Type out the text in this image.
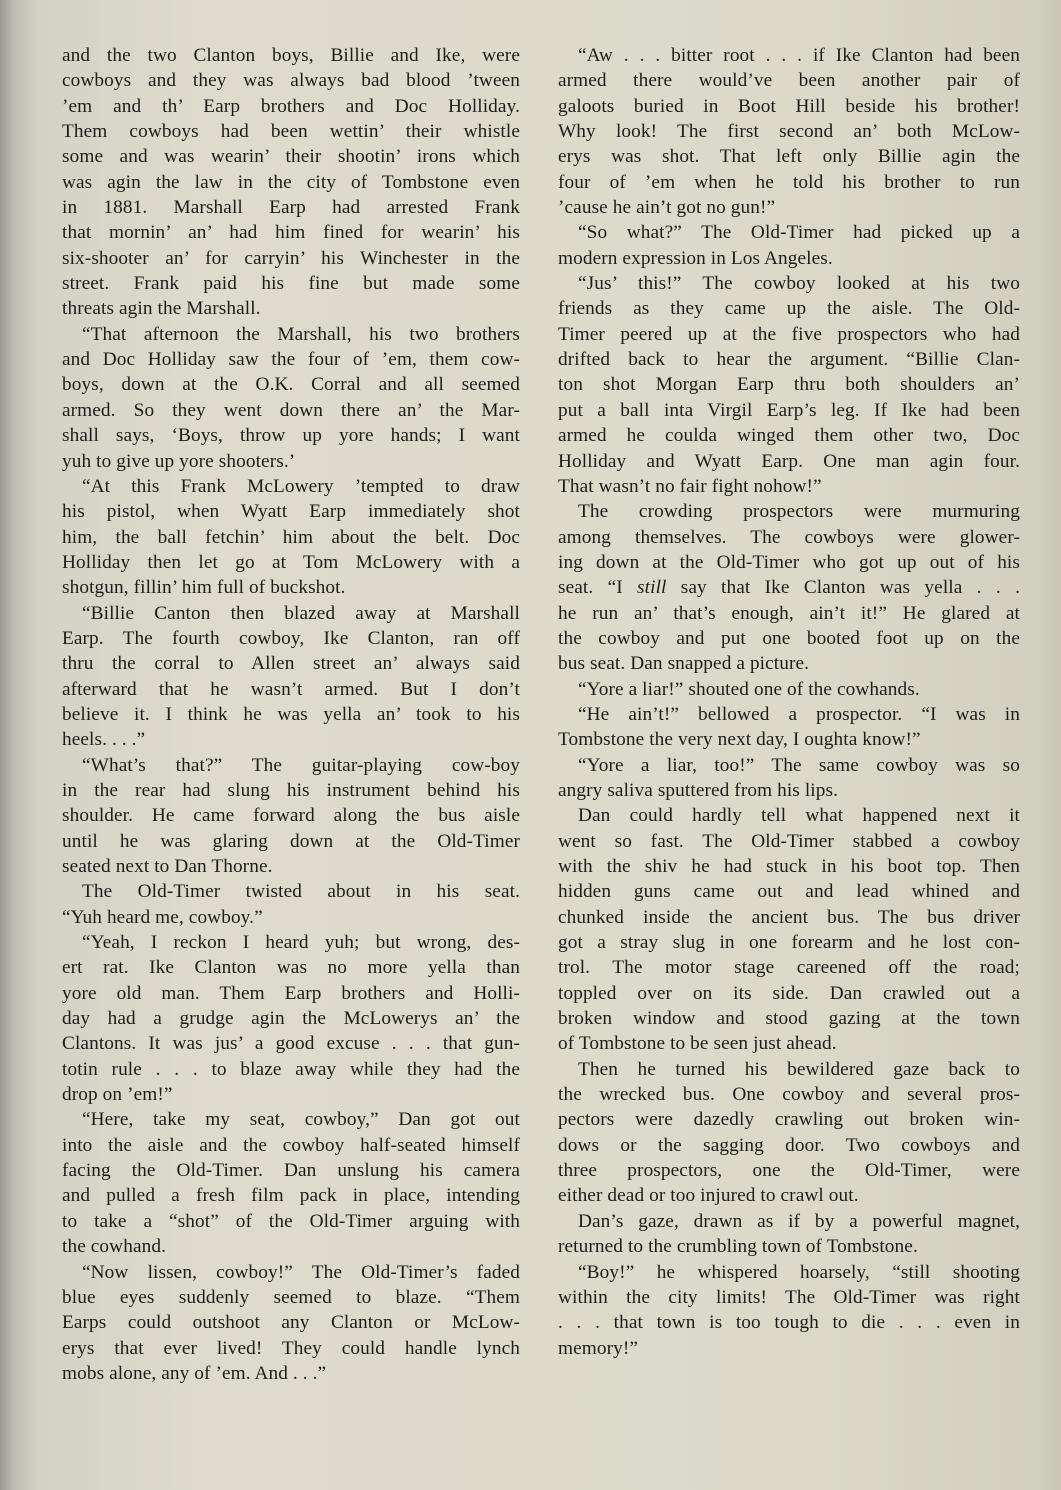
and the two Clanton boys, Billie and Ike, were
cowboys and they was always bad blood ’tween
’em and th’ Earp brothers and Doc Holliday.
Them cowboys had been wettin’ their whistle
some and was wearin’ their shootin’ irons which
was agin the law in the city of Tombstone even
in 1881. Marshall Earp had arrested Frank
that mornin’ an’ had him fined for wearin’ his
six-shooter an’ for carryin’ his Winchester in the
street. Frank paid his fine but made some
threats agin the Marshall.
“That afternoon the Marshall, his two brothers
and Doc Holliday saw the four of ’em, them cow-
boys, down at the O.K. Corral and all seemed
armed. So they went down there an’ the Mar-
shall says, ‘Boys, throw up yore hands; I want
yuh to give up yore shooters.’
“At this Frank McLowery ’tempted to draw
his pistol, when Wyatt Earp immediately shot
him, the ball fetchin’ him about the belt. Doc
Holliday then let go at Tom McLowery with a
shotgun, fillin’ him full of buckshot.
“Billie Canton then blazed away at Marshall
Earp. The fourth cowboy, Ike Clanton, ran off
thru the corral to Allen street an’ always said
afterward that he wasn’t armed. But I don’t
believe it. I think he was yella an’ took to his
heels. . . .”
“What’s that?” The guitar-playing cow-boy
in the rear had slung his instrument behind his
shoulder. He came forward along the bus aisle
until he was glaring down at the Old-Timer
seated next to Dan Thorne.
The Old-Timer twisted about in his seat.
“Yuh heard me, cowboy.”
“Yeah, I reckon I heard yuh; but wrong, des-
ert rat. Ike Clanton was no more yella than
yore old man. Them Earp brothers and Holli-
day had a grudge agin the McLowerys an’ the
Clantons. It was jus’ a good excuse . . . that gun-
totin rule . . . to blaze away while they had the
drop on ’em!”
“Here, take my seat, cowboy,” Dan got out
into the aisle and the cowboy half-seated himself
facing the Old-Timer. Dan unslung his camera
and pulled a fresh film pack in place, intending
to take a “shot” of the Old-Timer arguing with
the cowhand.
“Now lissen, cowboy!” The Old-Timer’s faded
blue eyes suddenly seemed to blaze. “Them
Earps could outshoot any Clanton or McLow-
erys that ever lived! They could handle lynch
mobs alone, any of ’em. And . . .”
“Aw . . . bitter root . . . if Ike Clanton had been
armed there would’ve been another pair of
galoots buried in Boot Hill beside his brother!
Why look! The first second an’ both McLow-
erys was shot. That left only Billie agin the
four of ’em when he told his brother to run
’cause he ain’t got no gun!”
“So what?” The Old-Timer had picked up a
modern expression in Los Angeles.
“Jus’ this!” The cowboy looked at his two
friends as they came up the aisle. The Old-
Timer peered up at the five prospectors who had
drifted back to hear the argument. “Billie Clan-
ton shot Morgan Earp thru both shoulders an’
put a ball inta Virgil Earp’s leg. If Ike had been
armed he coulda winged them other two, Doc
Holliday and Wyatt Earp. One man agin four.
That wasn’t no fair fight nohow!”
The crowding prospectors were murmuring
among themselves. The cowboys were glower-
ing down at the Old-Timer who got up out of his
seat. “I still say that Ike Clanton was yella . . .
he run an’ that’s enough, ain’t it!” He glared at
the cowboy and put one booted foot up on the
bus seat. Dan snapped a picture.
“Yore a liar!” shouted one of the cowhands.
“He ain’t!” bellowed a prospector. “I was in
Tombstone the very next day, I oughta know!”
“Yore a liar, too!” The same cowboy was so
angry saliva sputtered from his lips.
Dan could hardly tell what happened next it
went so fast. The Old-Timer stabbed a cowboy
with the shiv he had stuck in his boot top. Then
hidden guns came out and lead whined and
chunked inside the ancient bus. The bus driver
got a stray slug in one forearm and he lost con-
trol. The motor stage careened off the road;
toppled over on its side. Dan crawled out a
broken window and stood gazing at the town
of Tombstone to be seen just ahead.
Then he turned his bewildered gaze back to
the wrecked bus. One cowboy and several pros-
pectors were dazedly crawling out broken win-
dows or the sagging door. Two cowboys and
three prospectors, one the Old-Timer, were
either dead or too injured to crawl out.
Dan’s gaze, drawn as if by a powerful magnet,
returned to the crumbling town of Tombstone.
“Boy!” he whispered hoarsely, “still shooting
within the city limits! The Old-Timer was right
. . . that town is too tough to die . . . even in
memory!”
